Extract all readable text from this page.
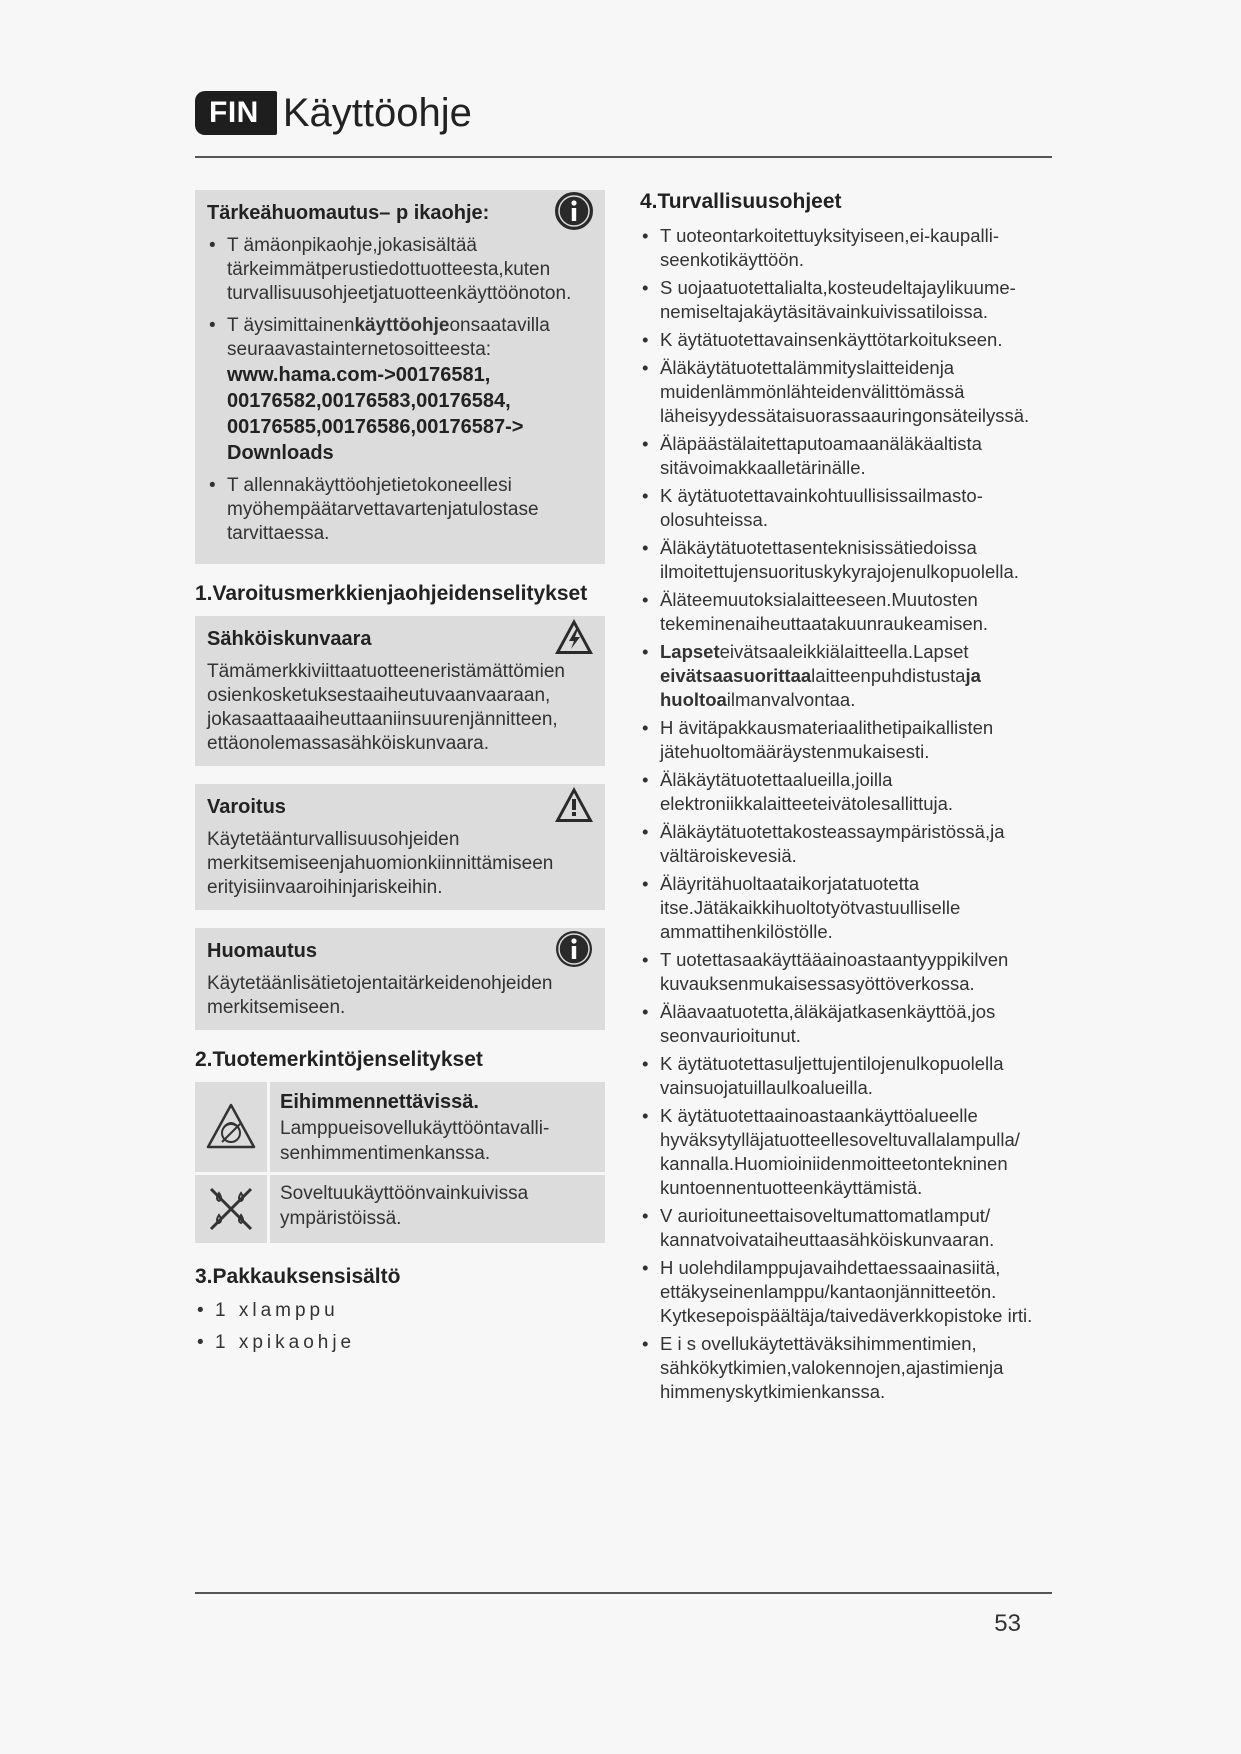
FIN Käyttöohje
Tärkeähuomautus– p ikaohje:
• T ämäonpikaohje,jokasisältää tärkeimmätperustiedottuotteesta,kuten turvallisuusohjeetjatuotteenkäyttöönoton.
• T äysimittainenkäyttöohjeonsaatavilla seuraavastainternetosoitteesta:
www.hama.com->00176581, 00176582,00176583,00176584, 00176585,00176586,00176587-> Downloads
• T allennakäyttöohjetietokoneellesi myöhempäätarvettavartenjatulostase tarvittaessa.
1.Varoitusmerkkienjaohjeidenselitykset
Sähköiskunvaara
Tämämerkkiviittaatuotteeneristämättömien osienkosketuksestaaiheutuvaanvaaraan, jokasaattaaaiheuttaaniinsuurenjännitteen, ettäonolemassasähköiskunvaara.
Varoitus
Käytetäänturvallisuusohjeiden merkitsemiseenjahuomionkiinnittämiseen erityisiinvaaroihinjariskeihin.
Huomautus
Käytetäänlisätietojentaitärkeidenohjeiden merkitsemiseen.
2.Tuotemerkintöjenselitykset
Eihimmennettävissä.
Lamppueisovellukäyttööntavalli- senhimmentimenkanssa.
Soveltuukäyttöönvainkuivissa ympäristöissä.
3.Pakkauksensisältö
• 1 xlamppu
• 1 xpikaohje
4.Turvallisuusohjeet
• T uoteontarkoitettuyksityiseen,ei-kaupalli- seenkotikäyttöön.
• S uojaatuotettalialta,kosteudeltajaylikuume- nemiseltajakäytäsitävainkuivissatiloissa.
• K äytätuotettavainsenkäyttötarkoitukseen.
• Äläkäytätuotettalämmityslaitteidenja muidenlämmönlähteidenvälittömässä läheisyydessätaisuorassaauringonsäteilyssä.
• Äläpäästälaitettaputoamaanäläkäaltista sitävoimakkaalletärinälle.
• K äytätuotettavainkohtuullisissailmasto- olosuhteissa.
• Äläkäytätuotettasenteknisissätiedoissa ilmoitettujensuorituskykyrajojenulkopuolella.
• Äläteemuutoksialaitteeseen.Muutosten tekeminenaiheuttaatakuunraukeamisen.
• Lapseteivätsaaleikkiälaitteella.Lapset eivätsaasuorittaalaitteenpuhdistustaja huoltoailmanvalvontaa.
• H ävitäpakkausmateriaalithetipaikallisten jätehuoltomääräystenmukaisesti.
• Äläkäytätuotettaalueilla,joilla elektroniikkalaitteeteivätolesallittuja.
• Äläkäytätuotettakosteassaympäristössä,ja vältäroiskevesiä.
• Äläyritähuoltaataikorjatatuotetta itse.Jätäkaikkihuoltotyötvastuulliselle ammattihenkilöstölle.
• T uotettasaakäyttääainoastaantyyppikilven kuvauksenmukaisessasyöttöverkossa.
• Äläavaatuotetta,äläkäjatkasenkäyttöä,jos seonvaurioitunut.
• K äytätuotettasuljettujentilojenulkopuolella vainsuojatuillaulkoalueilla.
• K äytätuotettaainoastaankäyttöalueelle hyväksytylläjatuotteellesoveltuvallalampulla/ kannalla.Huomioiniidenmoitteetontekninen kuntoennentuotteenkäyttämistä.
• V aurioituneettaisoveltumattomatlamput/ kannatvoivataiheuttaasähköiskunvaaran.
• H uolehdilamppujavaihdettaessaainasiitä, ettäkyseinenlamppu/kantaonjännitteetön. Kytkesepoispäältäja/taivedäverkkopistoke irti.
• E i s ovellukäytettäväksihimmentimien, sähkökytkimien,valokennojen,ajastimienja himmenyskytkimienkanssa.
53
